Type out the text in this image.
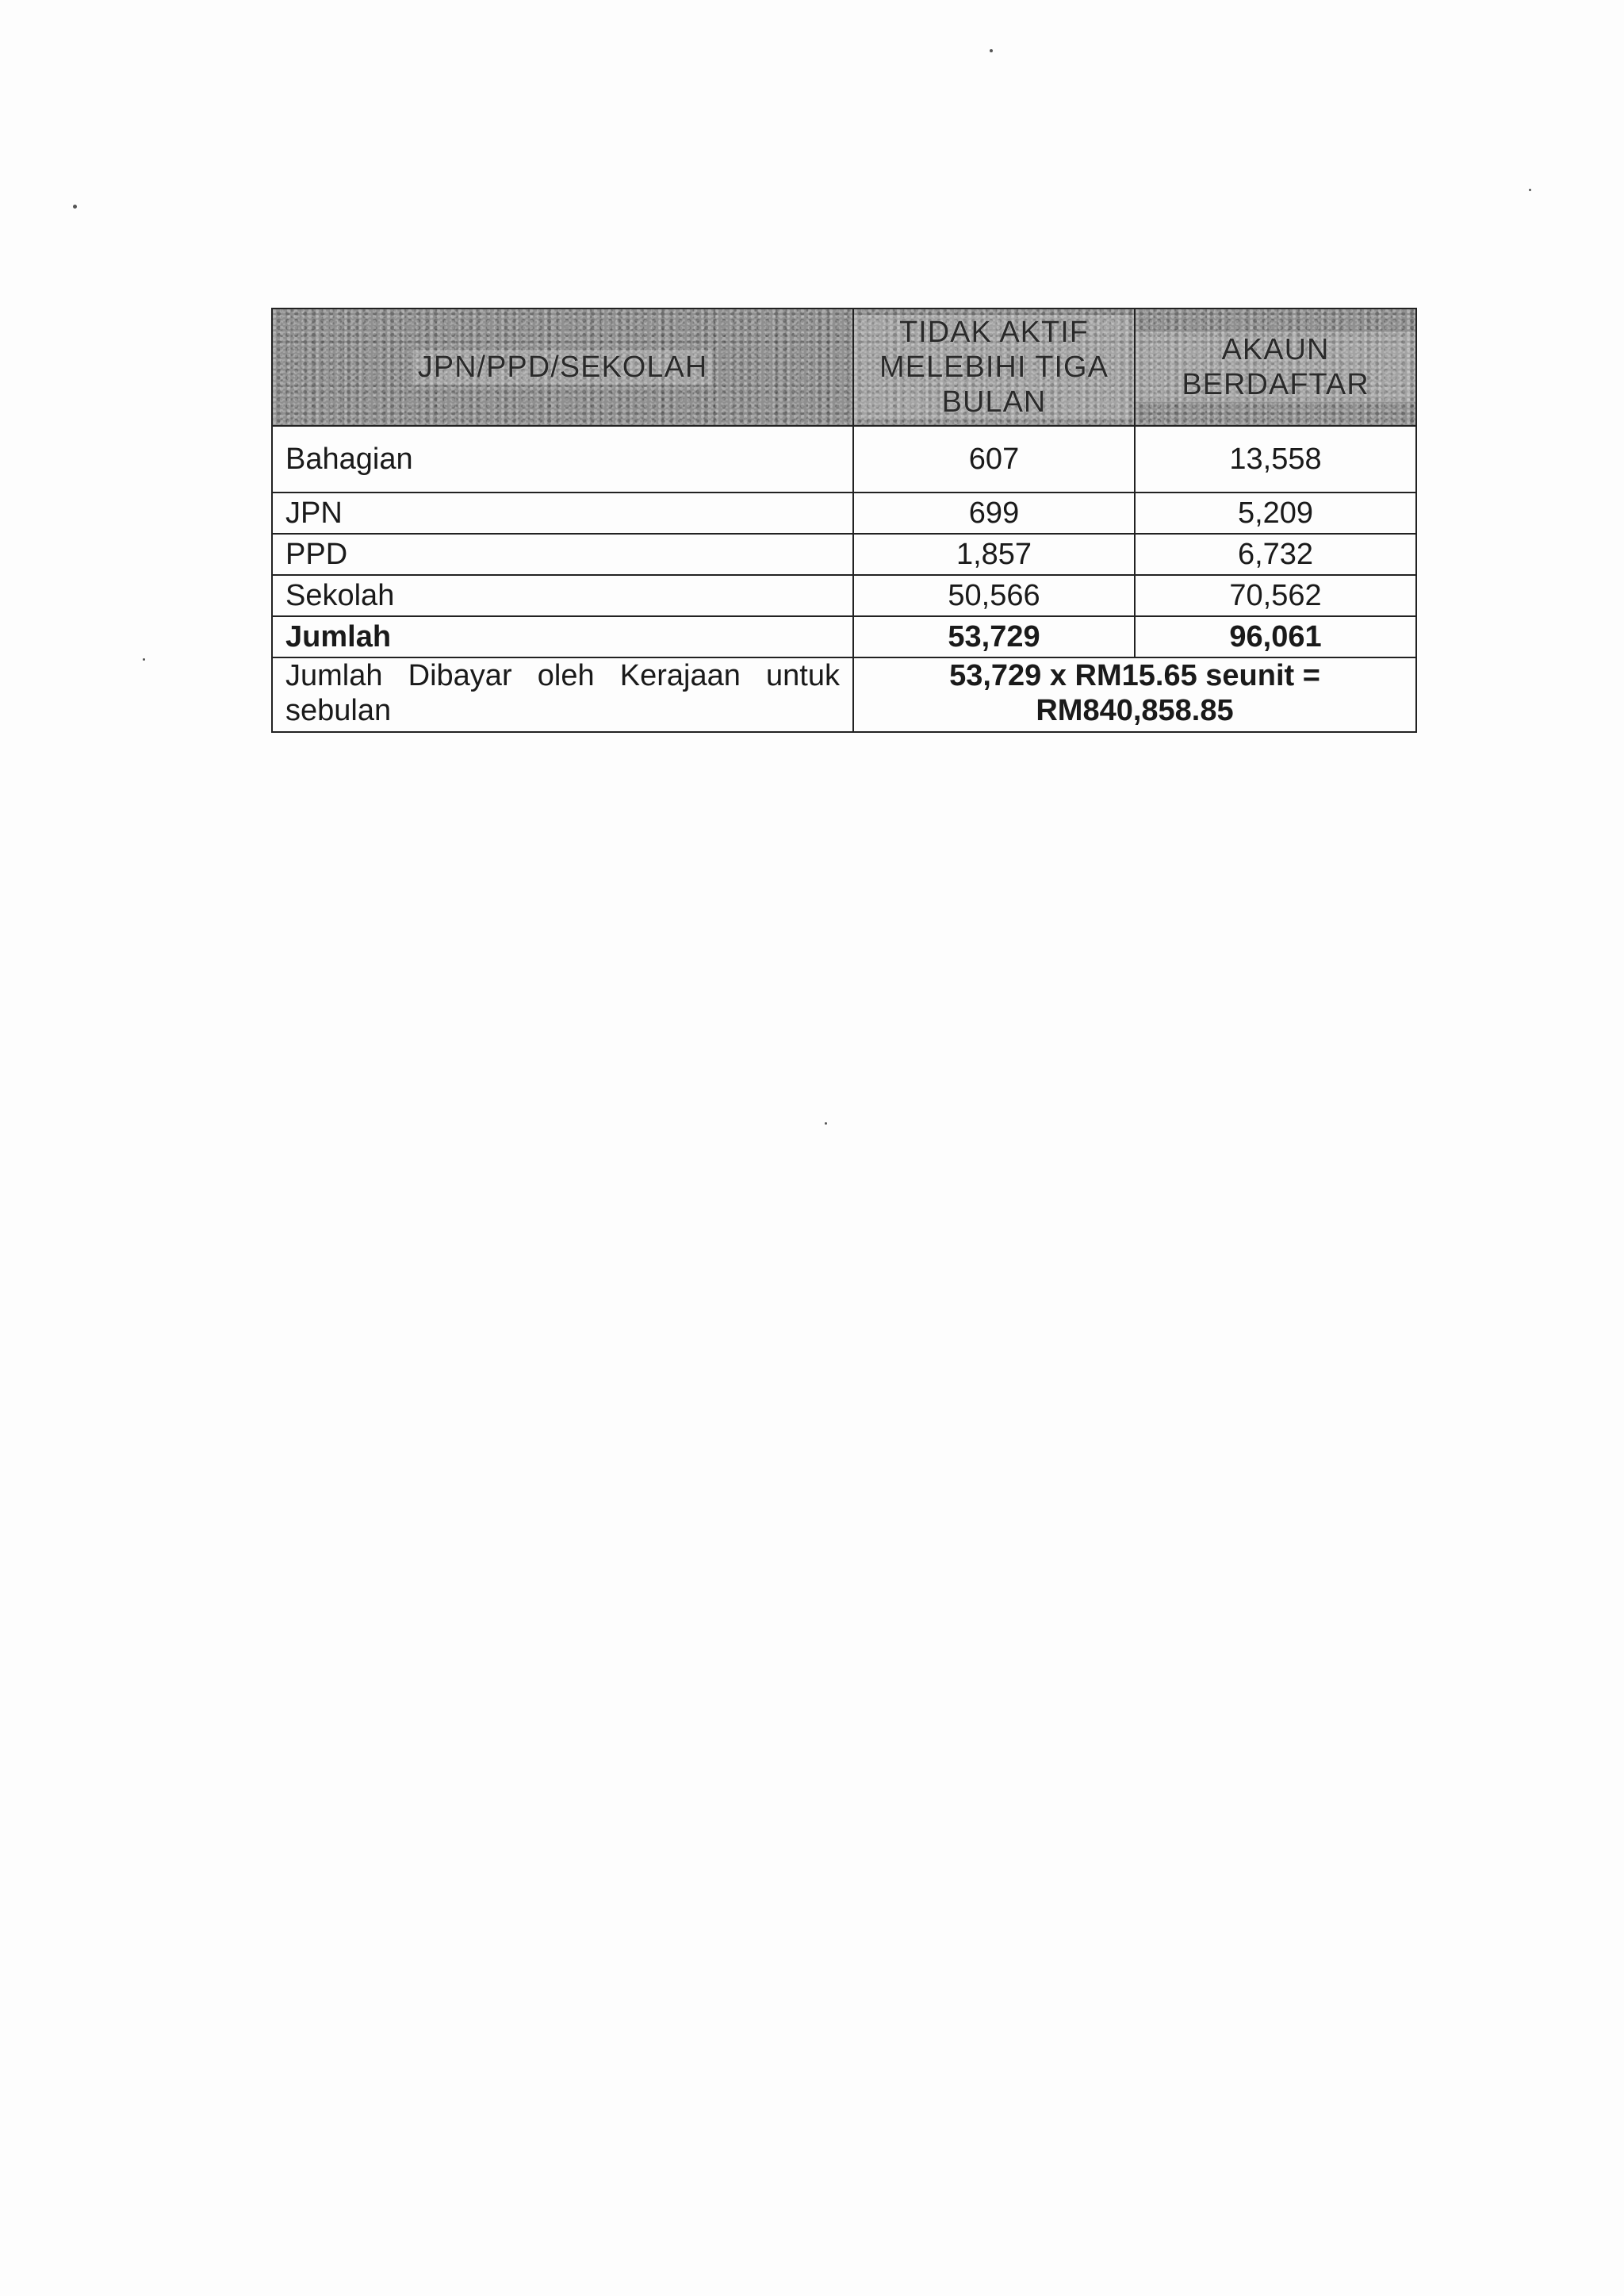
JPN/PPD/SEKOLAH	TIDAK AKTIF MELEBIHI TIGA BULAN	AKAUN BERDAFTAR
Bahagian	607	13,558
JPN	699	5,209
PPD	1,857	6,732
Sekolah	50,566	70,562
Jumlah	53,729	96,061
Jumlah Dibayar oleh Kerajaan untuk sebulan	53,729 x RM15.65 seunit =
RM840,858.85	
